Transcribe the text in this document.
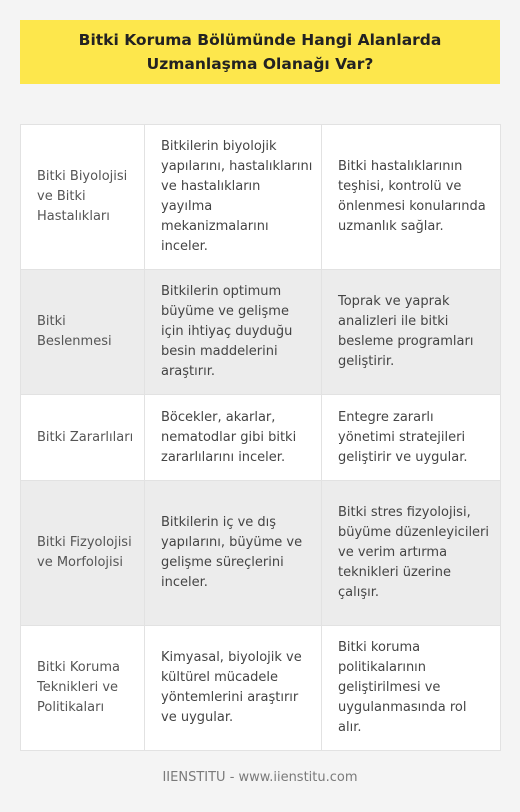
Bitki Koruma Bölümünde Hangi Alanlarda Uzmanlaşma Olanağı Var?
Bitki Biyolojisi ve Bitki Hastalıkları	Bitkilerin biyolojik yapılarını, hastalıklarını ve hastalıkların yayılma mekanizmalarını inceler.	Bitki hastalıklarının teşhisi, kontrolü ve önlenmesi konularında uzmanlık sağlar.
Bitki Beslenmesi	Bitkilerin optimum büyüme ve gelişme için ihtiyaç duyduğu besin maddelerini araştırır.	Toprak ve yaprak analizleri ile bitki besleme programları geliştirir.
Bitki Zararlıları	Böcekler, akarlar, nematodlar gibi bitki zararlılarını inceler.	Entegre zararlı yönetimi stratejileri geliştirir ve uygular.
Bitki Fizyolojisi ve Morfolojisi	Bitkilerin iç ve dış yapılarını, büyüme ve gelişme süreçlerini inceler.	Bitki stres fizyolojisi, büyüme düzenleyicileri ve verim artırma teknikleri üzerine çalışır.
Bitki Koruma Teknikleri ve Politikaları	Kimyasal, biyolojik ve kültürel mücadele yöntemlerini araştırır ve uygular.	Bitki koruma politikalarının geliştirilmesi ve uygulanmasında rol alır.
IIENSTITU - www.iienstitu.com
